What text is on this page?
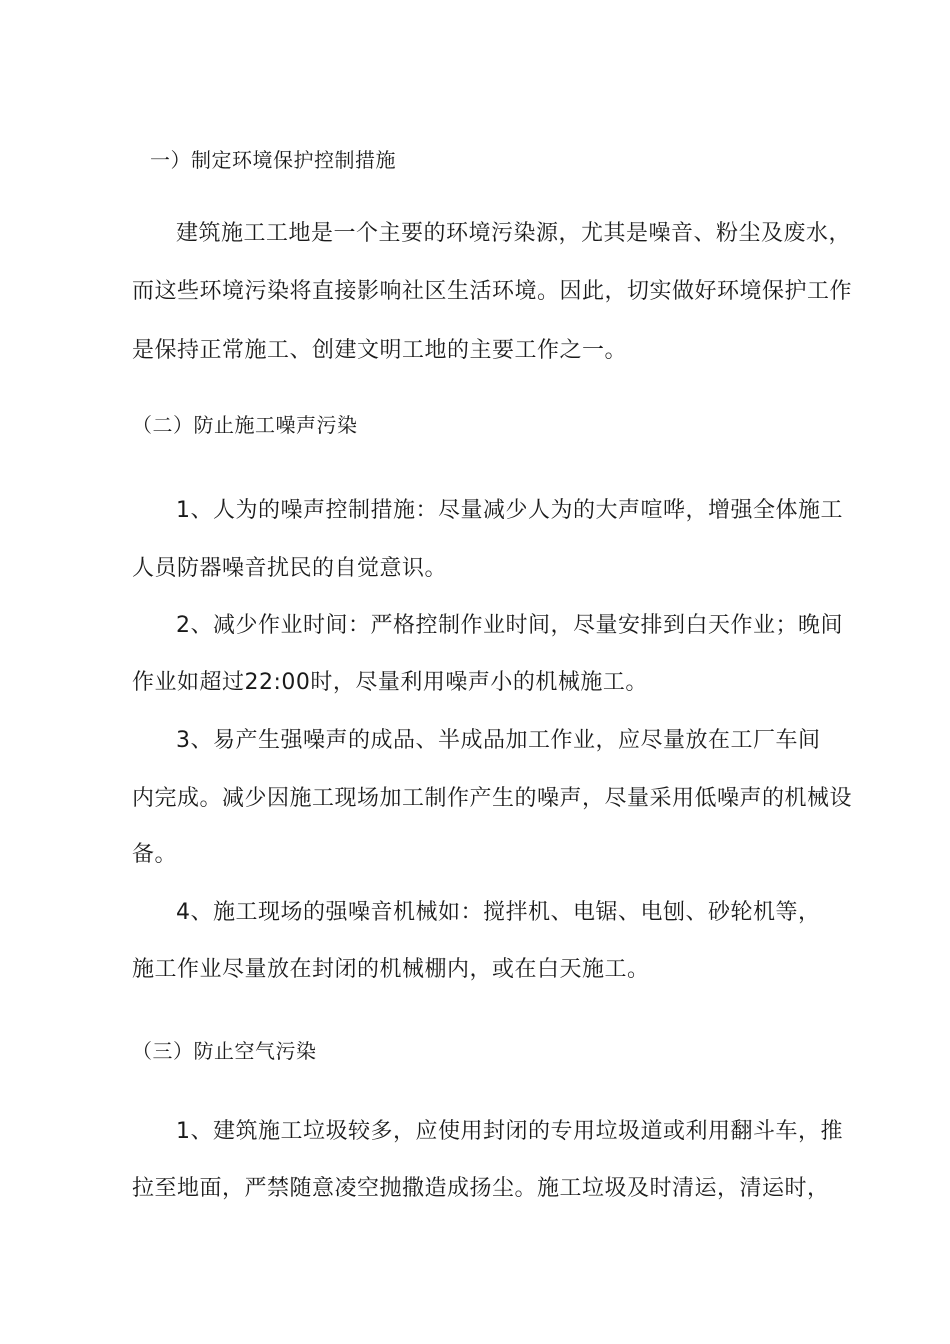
一）制定环境保护控制措施
建筑施工工地是一个主要的环境污染源，尤其是噪音、粉尘及废水，
而这些环境污染将直接影响社区生活环境。因此，切实做好环境保护工作
是保持正常施工、创建文明工地的主要工作之一。
（二）防止施工噪声污染
1、人为的噪声控制措施：尽量减少人为的大声喧哗，增强全体施工
人员防器噪音扰民的自觉意识。
2、减少作业时间：严格控制作业时间，尽量安排到白天作业；晚间
作业如超过22:00时，尽量利用噪声小的机械施工。
3、易产生强噪声的成品、半成品加工作业，应尽量放在工厂车间
内完成。减少因施工现场加工制作产生的噪声，尽量采用低噪声的机械设
备。
4、施工现场的强噪音机械如：搅拌机、电锯、电刨、砂轮机等，
施工作业尽量放在封闭的机械棚内，或在白天施工。
（三）防止空气污染
1、建筑施工垃圾较多，应使用封闭的专用垃圾道或利用翻斗车，推
拉至地面，严禁随意凌空抛撒造成扬尘。施工垃圾及时清运，清运时，
